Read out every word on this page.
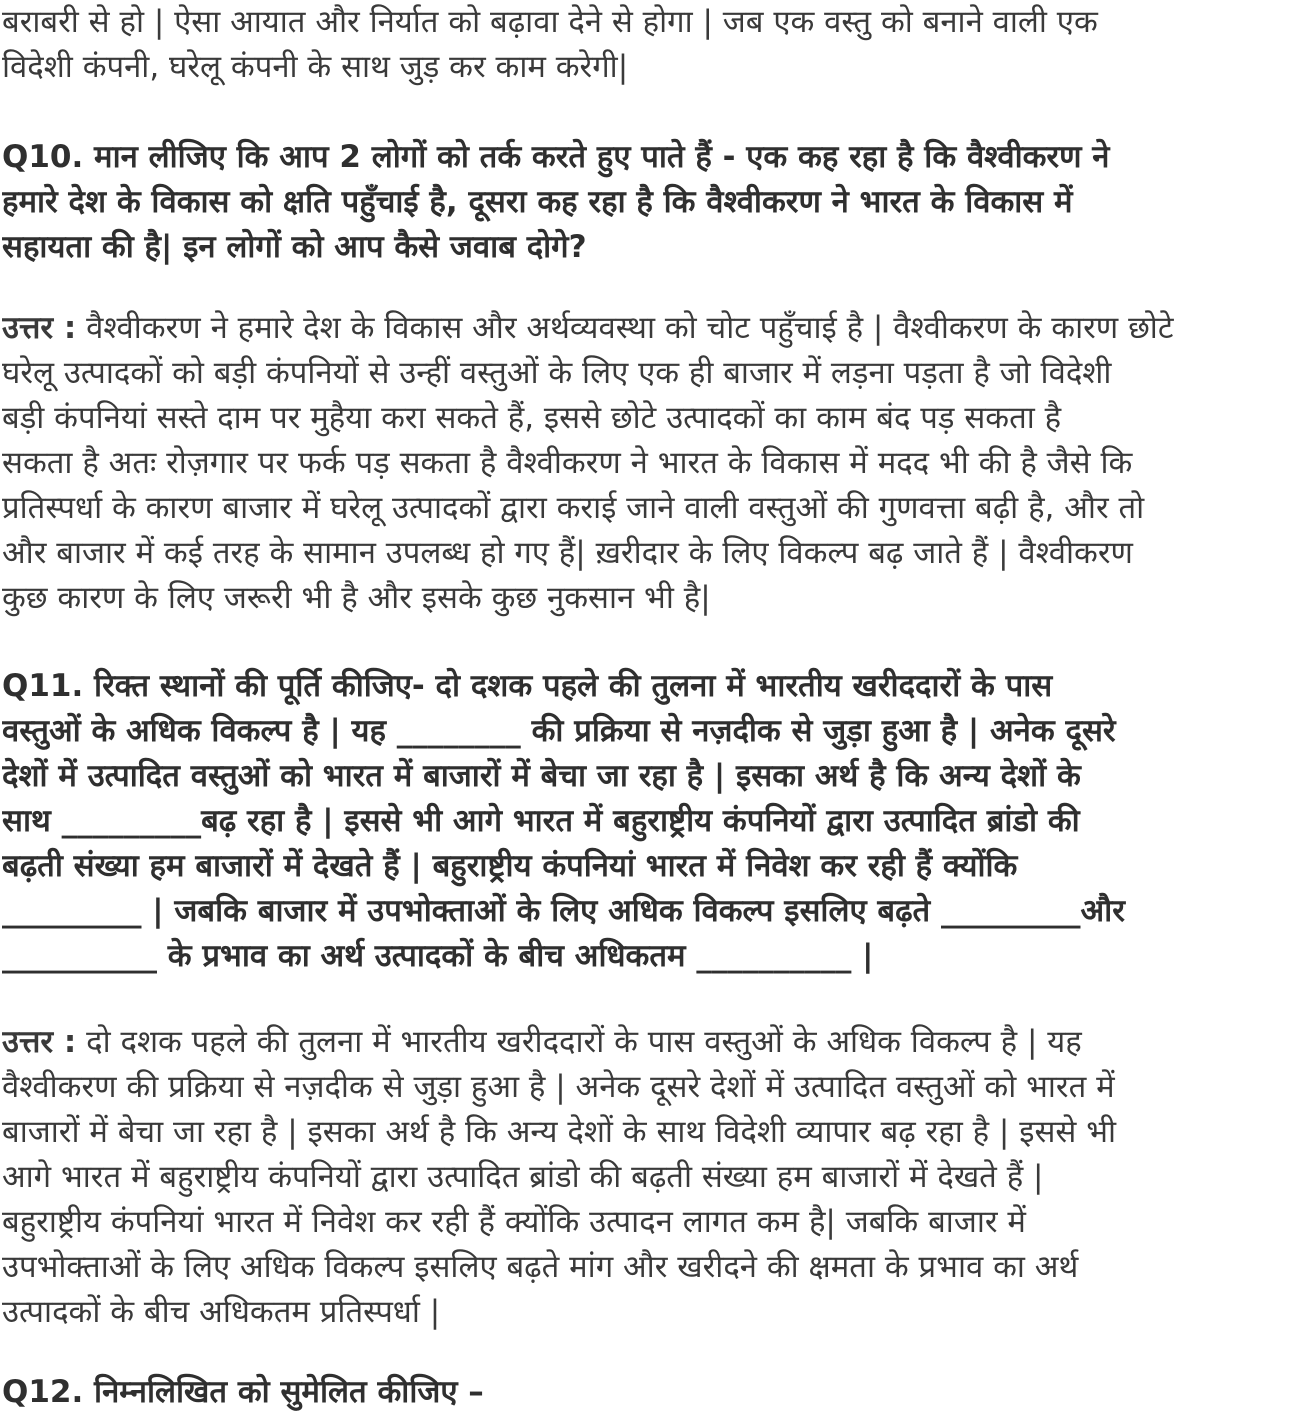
बराबरी से हो | ऐसा आयात और निर्यात को बढ़ावा देने से होगा | जब एक वस्तु को बनाने वाली एक
विदेशी कंपनी, घरेलू कंपनी के साथ जुड़ कर काम करेगी|
Q10. मान लीजिए कि आप 2 लोगों को तर्क करते हुए पाते हैं - एक कह रहा है कि वैश्वीकरण ने
हमारे देश के विकास को क्षति पहुँचाई है, दूसरा कह रहा है कि वैश्वीकरण ने भारत के विकास में
सहायता की है| इन लोगों को आप कैसे जवाब दोगे?
उत्तर : वैश्वीकरण ने हमारे देश के विकास और अर्थव्यवस्था को चोट पहुँचाई है | वैश्वीकरण के कारण छोटे
घरेलू उत्पादकों को बड़ी कंपनियों से उन्हीं वस्तुओं के लिए एक ही बाजार में लड़ना पड़ता है जो विदेशी
बड़ी कंपनियां सस्ते दाम पर मुहैया करा सकते हैं, इससे छोटे उत्पादकों का काम बंद पड़ सकता है
सकता है अतः रोज़गार पर फर्क पड़ सकता है वैश्वीकरण ने भारत के विकास में मदद भी की है जैसे कि
प्रतिस्पर्धा के कारण बाजार में घरेलू उत्पादकों द्वारा कराई जाने वाली वस्तुओं की गुणवत्ता बढ़ी है, और तो
और बाजार में कई तरह के सामान उपलब्ध हो गए हैं| ख़रीदार के लिए विकल्प बढ़ जाते हैं | वैश्वीकरण
कुछ कारण के लिए जरूरी भी है और इसके कुछ नुकसान भी है|
Q11. रिक्त स्थानों की पूर्ति कीजिए- दो दशक पहले की तुलना में भारतीय खरीददारों के पास
वस्तुओं के अधिक विकल्प है | यह ________ की प्रक्रिया से नज़दीक से जुड़ा हुआ है | अनेक दूसरे
देशों में उत्पादित वस्तुओं को भारत में बाजारों में बेचा जा रहा है | इसका अर्थ है कि अन्य देशों के
साथ _________बढ़ रहा है | इससे भी आगे भारत में बहुराष्ट्रीय कंपनियों द्वारा उत्पादित ब्रांडो की
बढ़ती संख्या हम बाजारों में देखते हैं | बहुराष्ट्रीय कंपनियां भारत में निवेश कर रही हैं क्योंकि
_________ | जबकि बाजार में उपभोक्ताओं के लिए अधिक विकल्प इसलिए बढ़ते _________और
__________ के प्रभाव का अर्थ उत्पादकों के बीच अधिकतम __________ |
उत्तर : दो दशक पहले की तुलना में भारतीय खरीददारों के पास वस्तुओं के अधिक विकल्प है | यह
वैश्वीकरण की प्रक्रिया से नज़दीक से जुड़ा हुआ है | अनेक दूसरे देशों में उत्पादित वस्तुओं को भारत में
बाजारों में बेचा जा रहा है | इसका अर्थ है कि अन्य देशों के साथ विदेशी व्यापार बढ़ रहा है | इससे भी
आगे भारत में बहुराष्ट्रीय कंपनियों द्वारा उत्पादित ब्रांडो की बढ़ती संख्या हम बाजारों में देखते हैं |
बहुराष्ट्रीय कंपनियां भारत में निवेश कर रही हैं क्योंकि उत्पादन लागत कम है| जबकि बाजार में
उपभोक्ताओं के लिए अधिक विकल्प इसलिए बढ़ते मांग और खरीदने की क्षमता के प्रभाव का अर्थ
उत्पादकों के बीच अधिकतम प्रतिस्पर्धा |
Q12. निम्नलिखित को सुमेलित कीजिए –
